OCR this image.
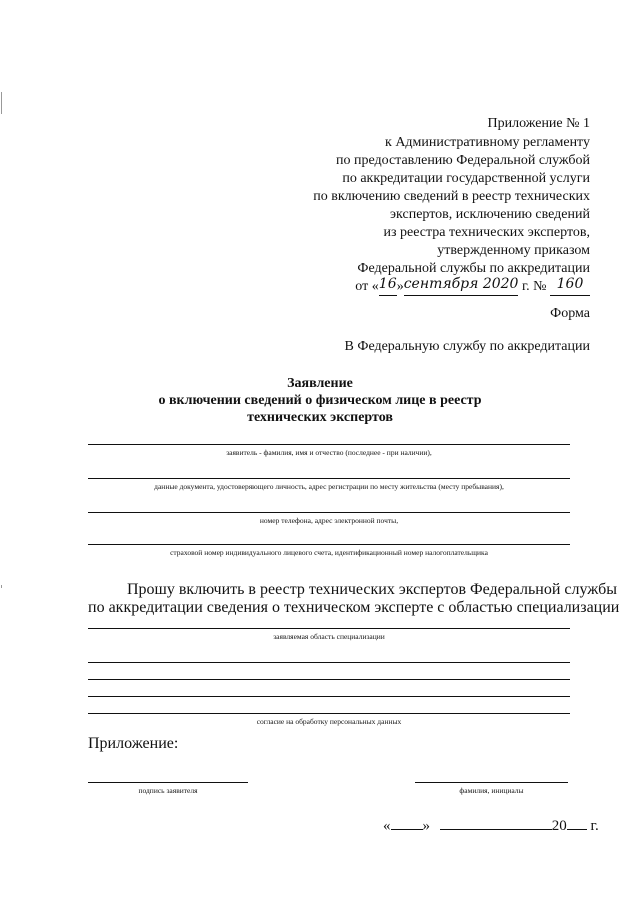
Приложение № 1
к Административному регламенту
по предоставлению Федеральной службой
по аккредитации государственной услуги
по включению сведений в реестр технических
экспертов, исключению сведений
из реестра технических экспертов,
утвержденному приказом
Федеральной службы по аккредитации
от «16»сентября 2020 г. № 160
Форма
В Федеральную службу по аккредитации
Заявление
о включении сведений о физическом лице в реестр
технических экспертов
заявитель - фамилия, имя и отчество (последнее - при наличии),
данные документа, удостоверяющего личность, адрес регистрации по месту жительства (месту пребывания),
номер телефона, адрес электронной почты,
страховой номер индивидуального лицевого счета, идентификационный номер налогоплательщика
Прошу включить в реестр технических экспертов Федеральной службы
по аккредитации сведения о техническом эксперте с областью специализации
заявляемая область специализации
согласие на обработку персональных данных
Приложение:
подпись заявителя	фамилия, инициалы
« »	20 г.
